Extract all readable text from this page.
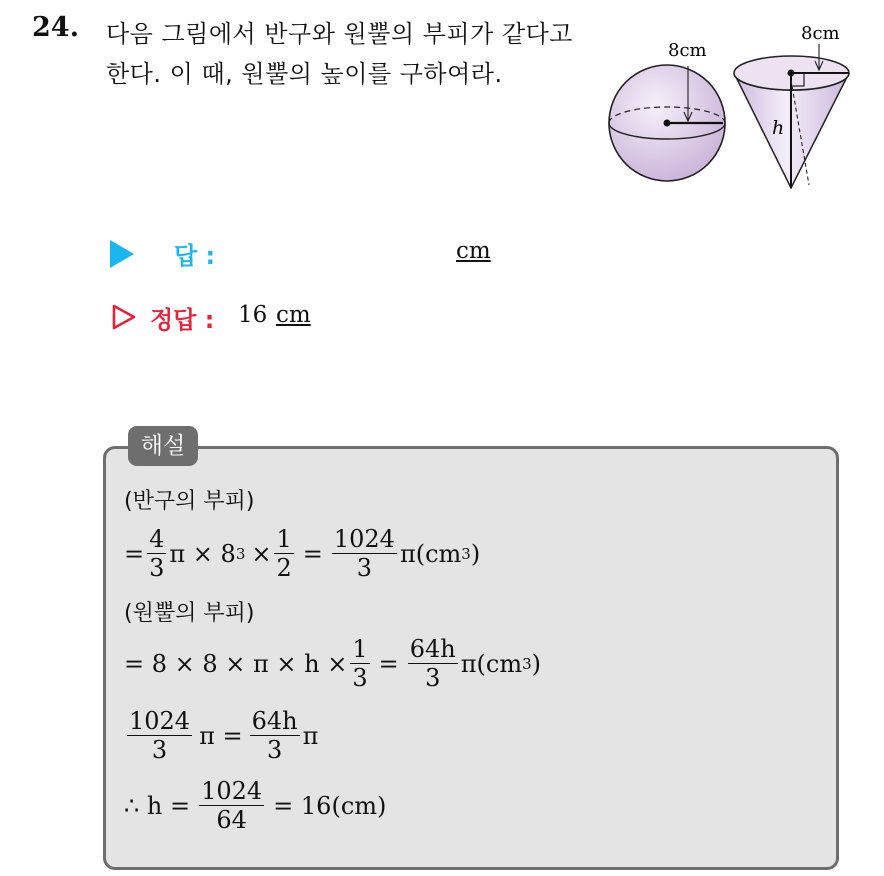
24. 다음 그림에서 반구와 원뿔의 부피가 같다고
한다. 이 때, 원뿔의 높이를 구하여라.
8cm
8cm
h
답 :	cm
정답 : 16 cm
해설
(반구의 부피)
= $\frac{4}{3}$ π × 8 $3 \times \frac{1}{2} = \frac{1024}{3} \pi(cm$ 3 )
(원뿔의 부피)
= $8 \times 8 \times \pi \times h \times \frac{1}{3} = \frac{64h}{3} \pi(cm$ 3 )
$\frac{1024}{3}$ $\pi = \frac{64h}{3}$ π
∴ $h = \frac{1024}{64} = 16(cm)$
